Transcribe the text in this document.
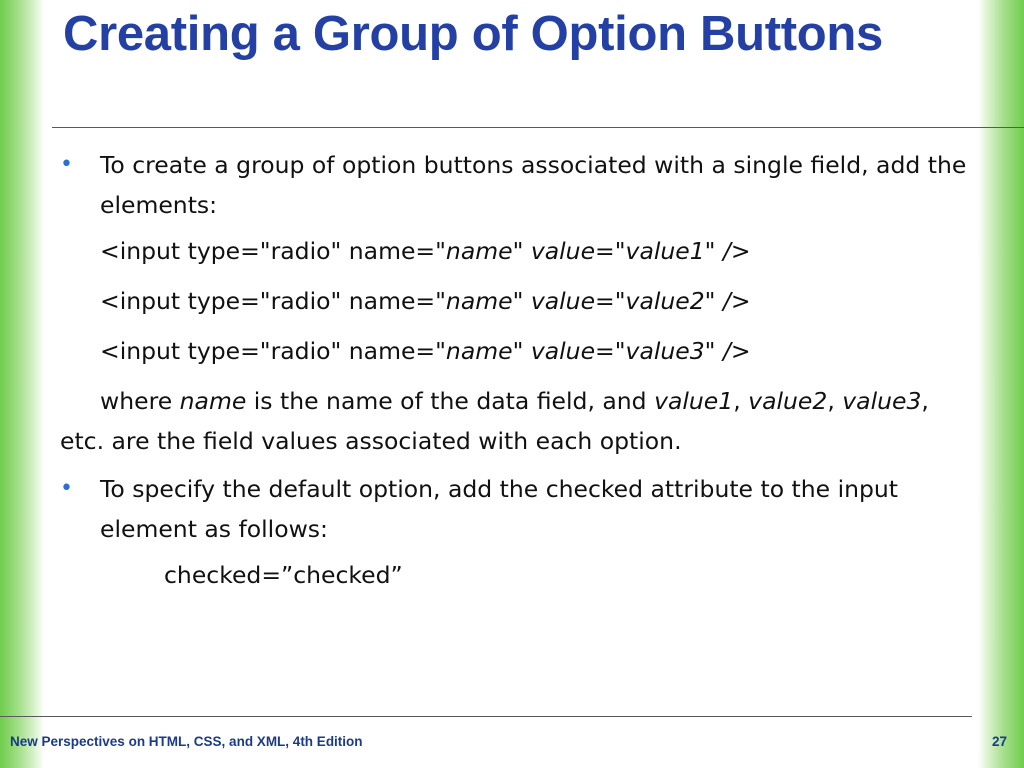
Creating a Group of Option Buttons
• To create a group of option buttons associated with a single field, add the elements:
<input type="radio" name="name" value="value1" />
<input type="radio" name="name" value="value2" />
<input type="radio" name="name" value="value3" />
where name is the name of the data field, and value1, value2, value3, etc. are the field values associated with each option.
• To specify the default option, add the checked attribute to the input element as follows:
checked=”checked”
New Perspectives on HTML, CSS, and XML, 4th Edition	27
